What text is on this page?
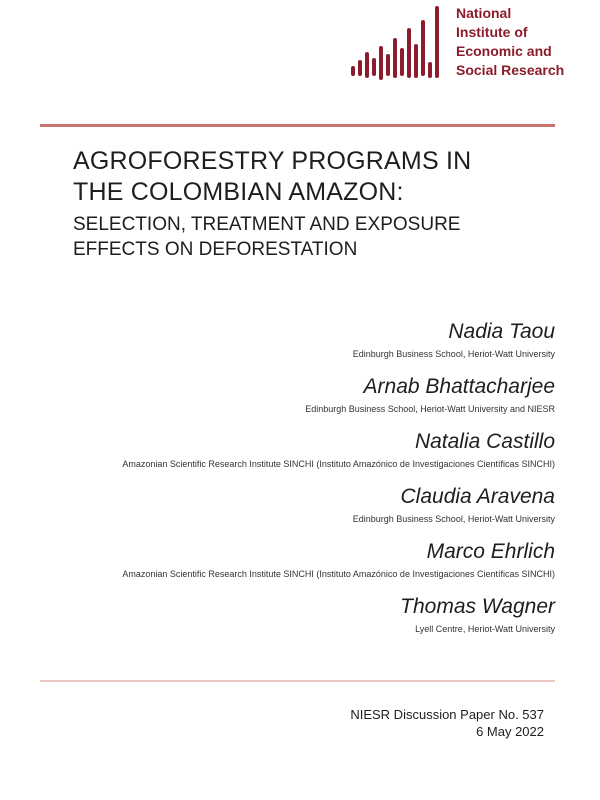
National
Institute of
Economic and
Social Research
AGROFORESTRY PROGRAMS IN
THE COLOMBIAN AMAZON:
SELECTION, TREATMENT AND EXPOSURE
EFFECTS ON DEFORESTATION
Nadia Taou
Edinburgh Business School, Heriot-Watt University
Arnab Bhattacharjee
Edinburgh Business School, Heriot-Watt University and NIESR
Natalia Castillo
Amazonian Scientific Research Institute SINCHI (Instituto Amazónico de Investigaciones Científicas SINCHI)
Claudia Aravena
Edinburgh Business School, Heriot-Watt University
Marco Ehrlich
Amazonian Scientific Research Institute SINCHI (Instituto Amazónico de Investigaciones Científicas SINCHI)
Thomas Wagner
Lyell Centre, Heriot-Watt University
NIESR Discussion Paper No. 537
6 May 2022
